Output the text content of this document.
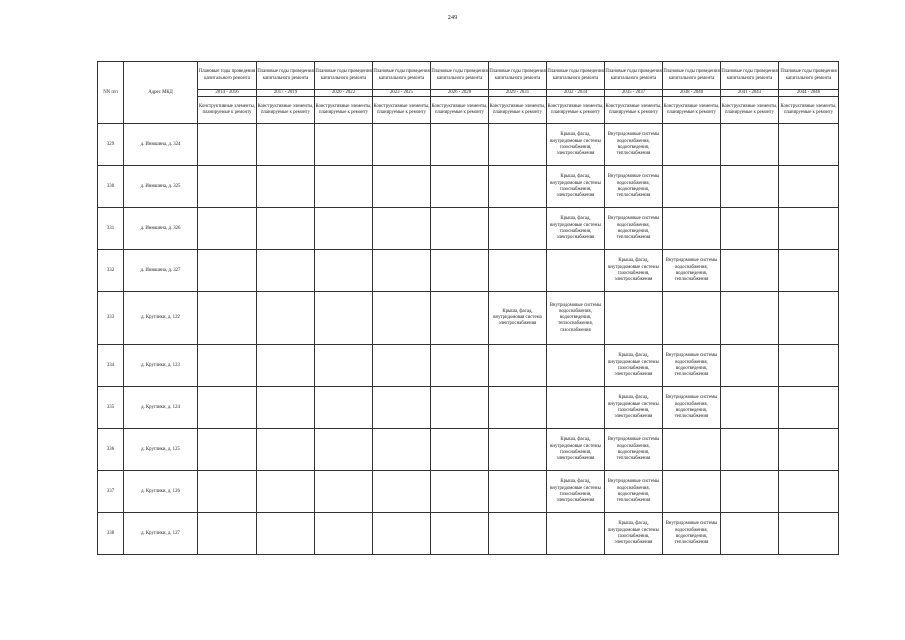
249
NN п/п	Адрес МКД	Плановые годы проведения капитального ремонта	Плановые годы проведения капитального ремонта	Плановые годы проведения капитального ремонта	Плановые годы проведения капитального ремонта	Плановые годы проведения капитального ремонта	Плановые годы проведения капитального ремонта	Плановые годы проведения капитального ремонта	Плановые годы проведения капитального ремонта	Плановые годы проведения капитального ремонта	Плановые годы проведения капитального ремонта	Плановые годы проведения капитального ремонта
		2014 - 2016	2017 - 2019	2020 - 2022	2023 - 2025	2026 - 2028	2029 - 2031	2032 - 2034	2035 - 2037	2038 - 2040	2041 - 2043	2044 - 2046
		Конструктивные элементы, планируемые к ремонту	Конструктивные элементы, планируемые к ремонту	Конструктивные элементы, планируемые к ремонту	Конструктивные элементы, планируемые к ремонту	Конструктивные элементы, планируемые к ремонту	Конструктивные элементы, планируемые к ремонту	Конструктивные элементы, планируемые к ремонту	Конструктивные элементы, планируемые к ремонту	Конструктивные элементы, планируемые к ремонту	Конструктивные элементы, планируемые к ремонту	Конструктивные элементы, планируемые к ремонту
329	д. Инюшина, д. 324							Крыша, фасад, внутридомовые системы газоснабжения, электроснабжения	Внутридомовые системы водоснабжения, водоотведения, теплоснабжения			

330	д. Инюшина, д. 325							Крыша, фасад, внутридомовые системы газоснабжения, электроснабжения	Внутридомовые системы водоснабжения, водоотведения, теплоснабжения			

331	д. Инюшина, д. 326							Крыша, фасад, внутридомовые системы газоснабжения, электроснабжения	Внутридомовые системы водоснабжения, водоотведения, теплоснабжения			

332	д. Инюшина, д. 327								Крыша, фасад, внутридомовые системы газоснабжения, электроснабжения	Внутридомовые системы водоснабжения, водоотведения, теплоснабжения		

333	д. Круглики, д. 122						Крыша, фасад, внутридомовая система электроснабжения	Внутридомовые системы водоснабжения, водоотведения, теплоснабжения, газоснабжения				

334	д. Круглики, д. 123								Крыша, фасад, внутридомовые системы газоснабжения, электроснабжения	Внутридомовые системы водоснабжения, водоотведения, теплоснабжения		

335	д. Круглики, д. 124								Крыша, фасад, внутридомовые системы газоснабжения, электроснабжения	Внутридомовые системы водоснабжения, водоотведения, теплоснабжения		

336	д. Круглики, д. 125							Крыша, фасад, внутридомовые системы газоснабжения, электроснабжения	Внутридомовые системы водоснабжения, водоотведения, теплоснабжения			

337	д. Круглики, д. 126							Крыша, фасад, внутридомовые системы газоснабжения, электроснабжения	Внутридомовые системы водоснабжения, водоотведения, теплоснабжения			

338	д. Круглики, д. 127								Крыша, фасад, внутридомовые системы газоснабжения, электроснабжения	Внутридомовые системы водоснабжения, водоотведения, теплоснабжения		
